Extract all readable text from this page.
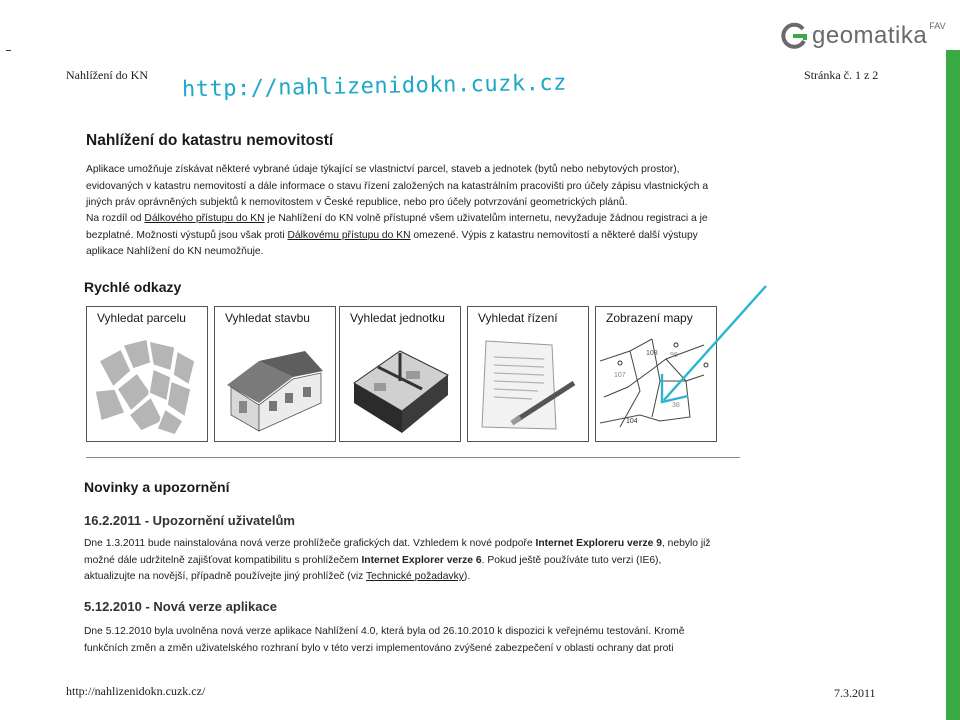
geomatika FAV
Nahlížení do KN	Stránka č. 1 z 2
http://nahlizenidokn.cuzk.cz
Nahlížení do katastru nemovitostí
Aplikace umožňuje získávat některé vybrané údaje týkající se vlastnictví parcel, staveb a jednotek (bytů nebo nebytových prostor),
evidovaných v katastru nemovitostí a dále informace o stavu řízení založených na katastrálním pracovišti pro účely zápisu vlastnických a
jiných práv oprávněných subjektů k nemovitostem v České republice, nebo pro účely potvrzování geometrických plánů.
Na rozdíl od Dálkového přístupu do KN je Nahlížení do KN volně přístupné všem uživatelům internetu, nevyžaduje žádnou registraci a je
bezplatné. Možnosti výstupů jsou však proti Dálkovému přístupu do KN omezené. Výpis z katastru nemovitostí a některé další výstupy
aplikace Nahlížení do KN neumožňuje.
Rychlé odkazy
Vyhledat parcelu	Vyhledat stavbu	Vyhledat jednotku	Vyhledat řízení	Zobrazení mapy
108 98
107
104
38
Novinky a upozornění
16.2.2011 - Upozornění uživatelům
Dne 1.3.2011 bude nainstalována nová verze prohlížeče grafických dat. Vzhledem k nové podpoře Internet Exploreru verze 9, nebylo již
možné dále udržitelně zajišťovat kompatibilitu s prohlížečem Internet Explorer verze 6. Pokud ještě používáte tuto verzi (IE6),
aktualizujte na novější, případně používejte jiný prohlížeč (viz Technické požadavky).
5.12.2010 - Nová verze aplikace
Dne 5.12.2010 byla uvolněna nová verze aplikace Nahlížení 4.0, která byla od 26.10.2010 k dispozici k veřejnému testování. Kromě
funkčních změn a změn uživatelského rozhraní bylo v této verzi implementováno zvýšené zabezpečení v oblasti ochrany dat proti
http://nahlizenidokn.cuzk.cz/	7.3.2011
